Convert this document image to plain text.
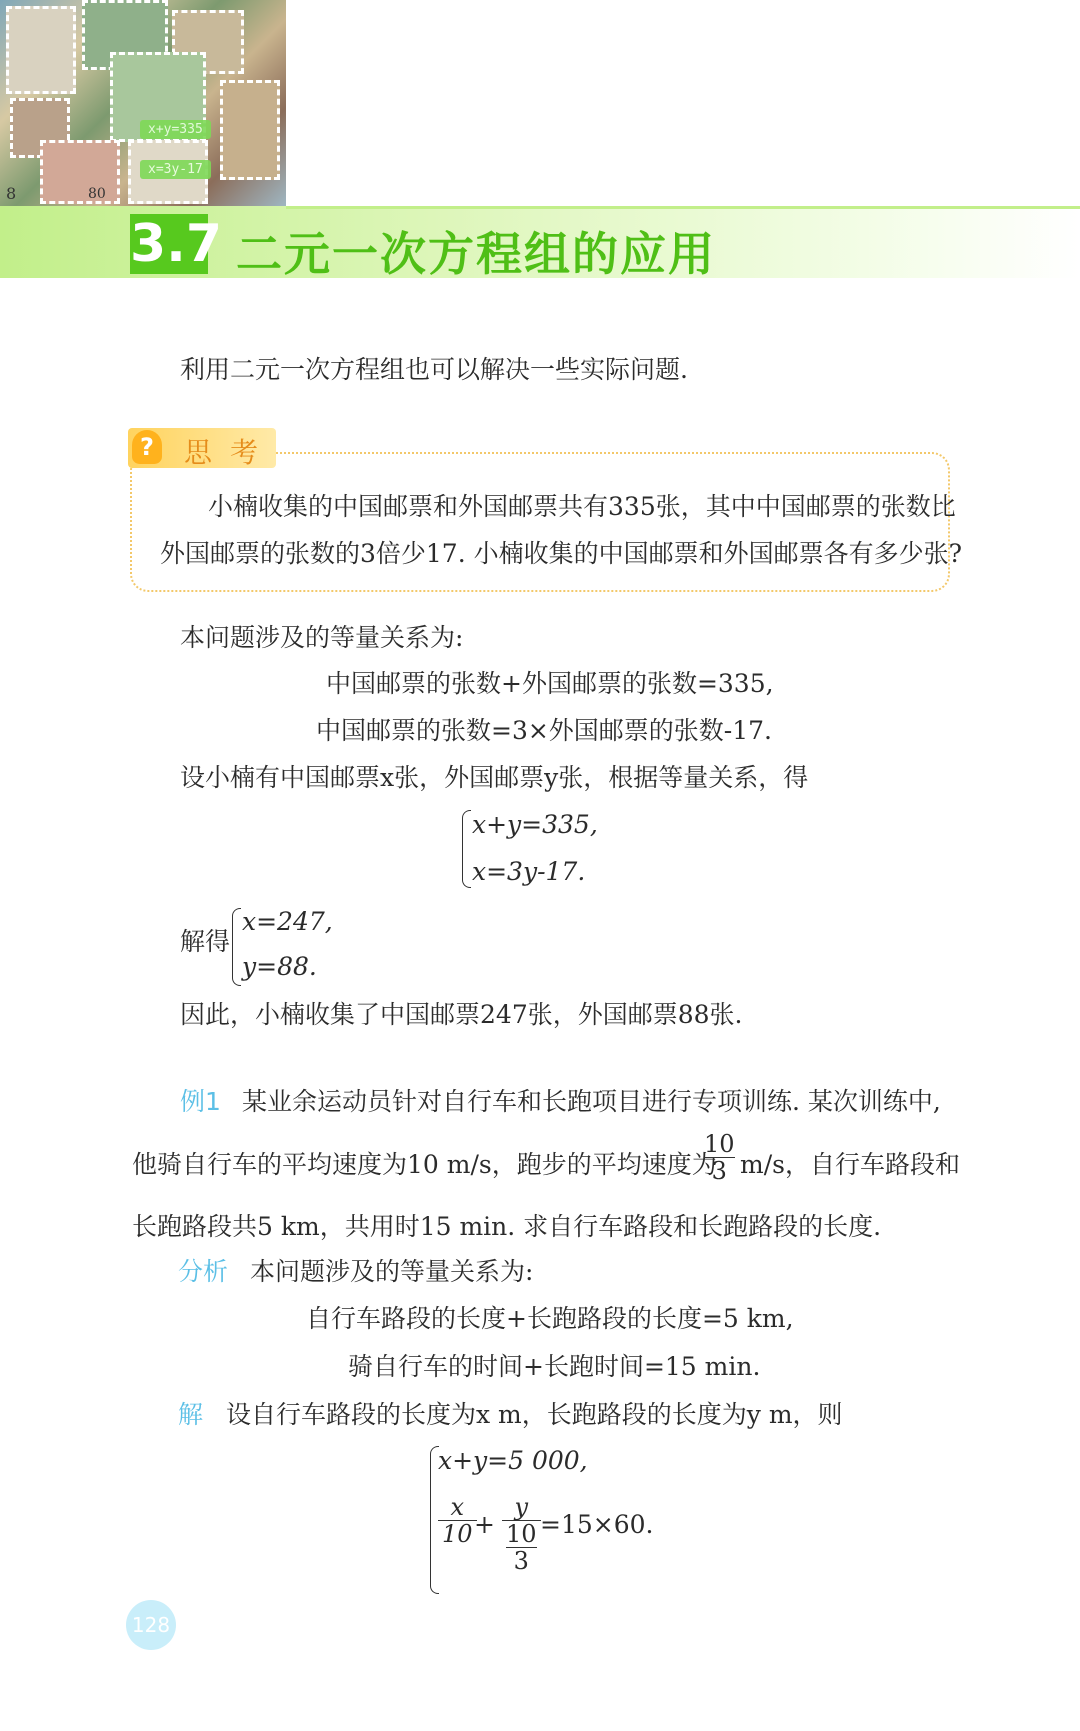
x+y=335
x=3y-17
8	80
3.7 二元一次方程组的应用
利用二元一次方程组也可以解决一些实际问题.
? 思考
小楠收集的中国邮票和外国邮票共有335张，其中中国邮票的张数比
外国邮票的张数的3倍少17. 小楠收集的中国邮票和外国邮票各有多少张?
本问题涉及的等量关系为:
中国邮票的张数+外国邮票的张数=335,
中国邮票的张数=3×外国邮票的张数-17.
设小楠有中国邮票x张，外国邮票y张，根据等量关系，得
x+y=335,
x=3y-17.
解得
x=247,
y=88.
因此，小楠收集了中国邮票247张，外国邮票88张.
例1 某业余运动员针对自行车和长跑项目进行专项训练. 某次训练中,
他骑自行车的平均速度为10 m/s，跑步的平均速度为
$\frac{10}{3} m/s$，自行车路段和
长跑路段共5 km，共用时15 min. 求自行车路段和长跑路段的长度.
分析 本问题涉及的等量关系为:
自行车路段的长度+长跑路段的长度=5 km,
骑自行车的时间+长跑时间=15 min.
解 设自行车路段的长度为x m，长跑路段的长度为y m，则
x+y=5 000,
$\frac{x}{10}$
+ y
10
3 =15×60.
128
